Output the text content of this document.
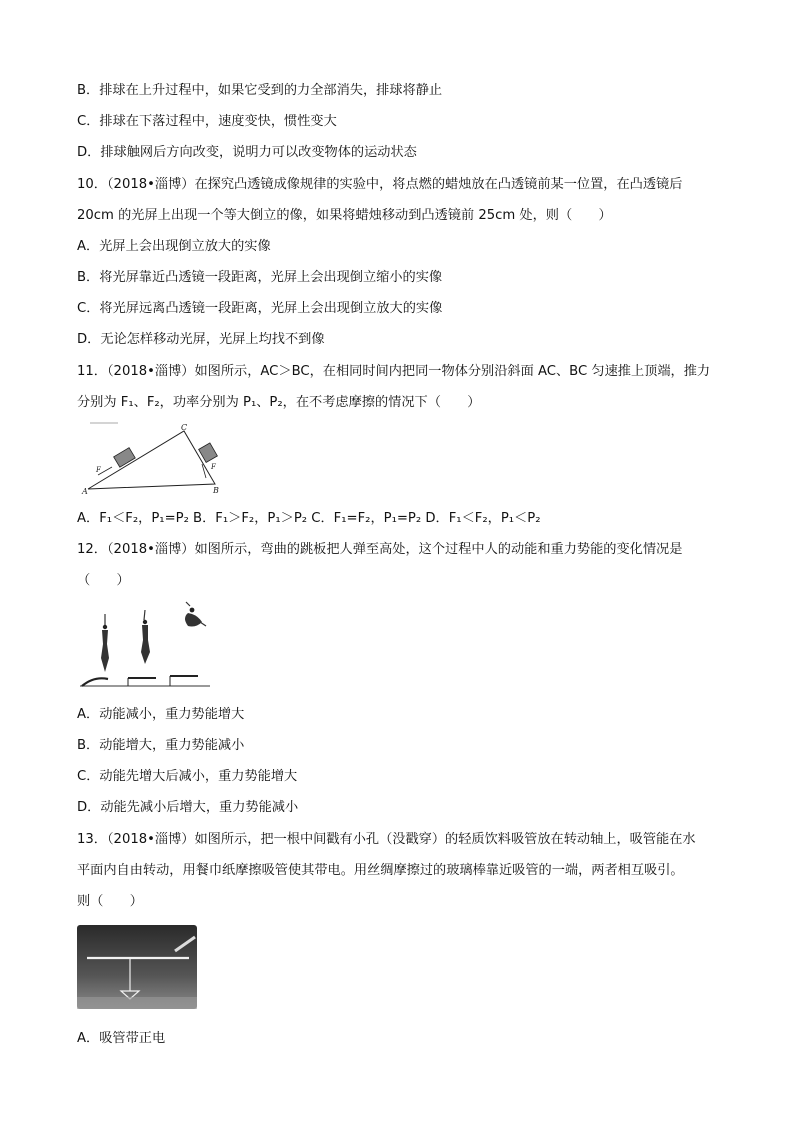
B．排球在上升过程中，如果它受到的力全部消失，排球将静止
C．排球在下落过程中，速度变快，惯性变大
D．排球触网后方向改变，说明力可以改变物体的运动状态
10．（2018•淄博）在探究凸透镜成像规律的实验中，将点燃的蜡烛放在凸透镜前某一位置，在凸透镜后
20cm 的光屏上出现一个等大倒立的像，如果将蜡烛移动到凸透镜前 25cm 处，则（　　）
A．光屏上会出现倒立放大的实像
B．将光屏靠近凸透镜一段距离，光屏上会出现倒立缩小的实像
C．将光屏远离凸透镜一段距离，光屏上会出现倒立放大的实像
D．无论怎样移动光屏，光屏上均找不到像
11．（2018•淄博）如图所示，AC＞BC，在相同时间内把同一物体分别沿斜面 AC、BC 匀速推上顶端，推力
分别为 F₁、F₂，功率分别为 P₁、P₂，在不考虑摩擦的情况下（　　）
A
C
B
F	F
A．F₁＜F₂，P₁=P₂ B．F₁＞F₂，P₁＞P₂ C．F₁=F₂，P₁=P₂ D．F₁＜F₂，P₁＜P₂
12．（2018•淄博）如图所示，弯曲的跳板把人弹至高处，这个过程中人的动能和重力势能的变化情况是
（　　）
A．动能减小，重力势能增大
B．动能增大，重力势能减小
C．动能先增大后减小，重力势能增大
D．动能先减小后增大，重力势能减小
13．（2018•淄博）如图所示，把一根中间戳有小孔（没戳穿）的轻质饮料吸管放在转动轴上，吸管能在水
平面内自由转动，用餐巾纸摩擦吸管使其带电。用丝绸摩擦过的玻璃棒靠近吸管的一端，两者相互吸引。
则（　　）
A．吸管带正电
